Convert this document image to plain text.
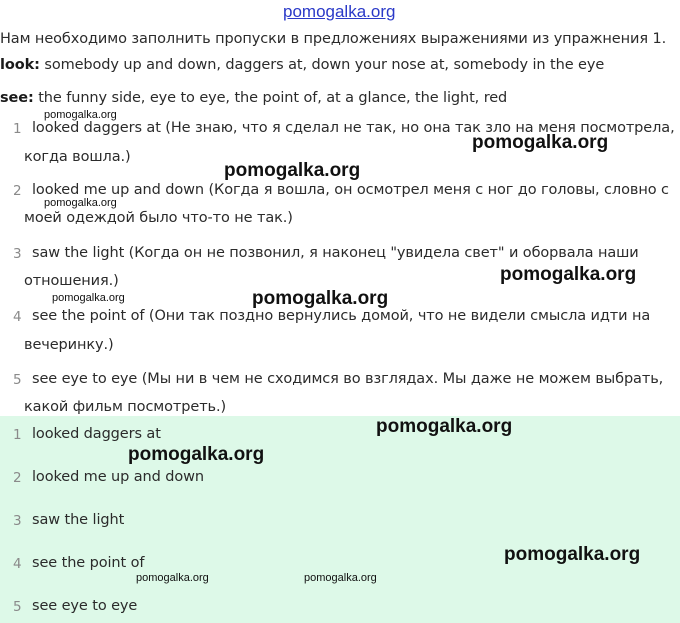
pomogalka.org
Нам необходимо заполнить пропуски в предложениях выражениями из упражнения 1.
look: somebody up and down, daggers at, down your nose at, somebody in the eye
see: the funny side, eye to eye, the point of, at a glance, the light, red
1 looked daggers at (Не знаю, что я сделал не так, но она так зло на меня посмотрела,
когда вошла.)
2 looked me up and down (Когда я вошла, он осмотрел меня с ног до головы, словно с
моей одеждой было что-то не так.)
3 saw the light (Когда он не позвонил, я наконец "увидела свет" и оборвала наши
отношения.)
4 see the point of (Они так поздно вернулись домой, что не видели смысла идти на
вечеринку.)
5 see eye to eye (Мы ни в чем не сходимся во взглядах. Мы даже не можем выбрать,
какой фильм посмотреть.)
1 looked daggers at
2 looked me up and down
3 saw the light
4 see the point of
5 see eye to eye
pomogalka.org
pomogalka.org
pomogalka.org
pomogalka.org
pomogalka.org
pomogalka.org	pomogalka.org
pomogalka.org
pomogalka.org
pomogalka.org
pomogalka.org	pomogalka.org
